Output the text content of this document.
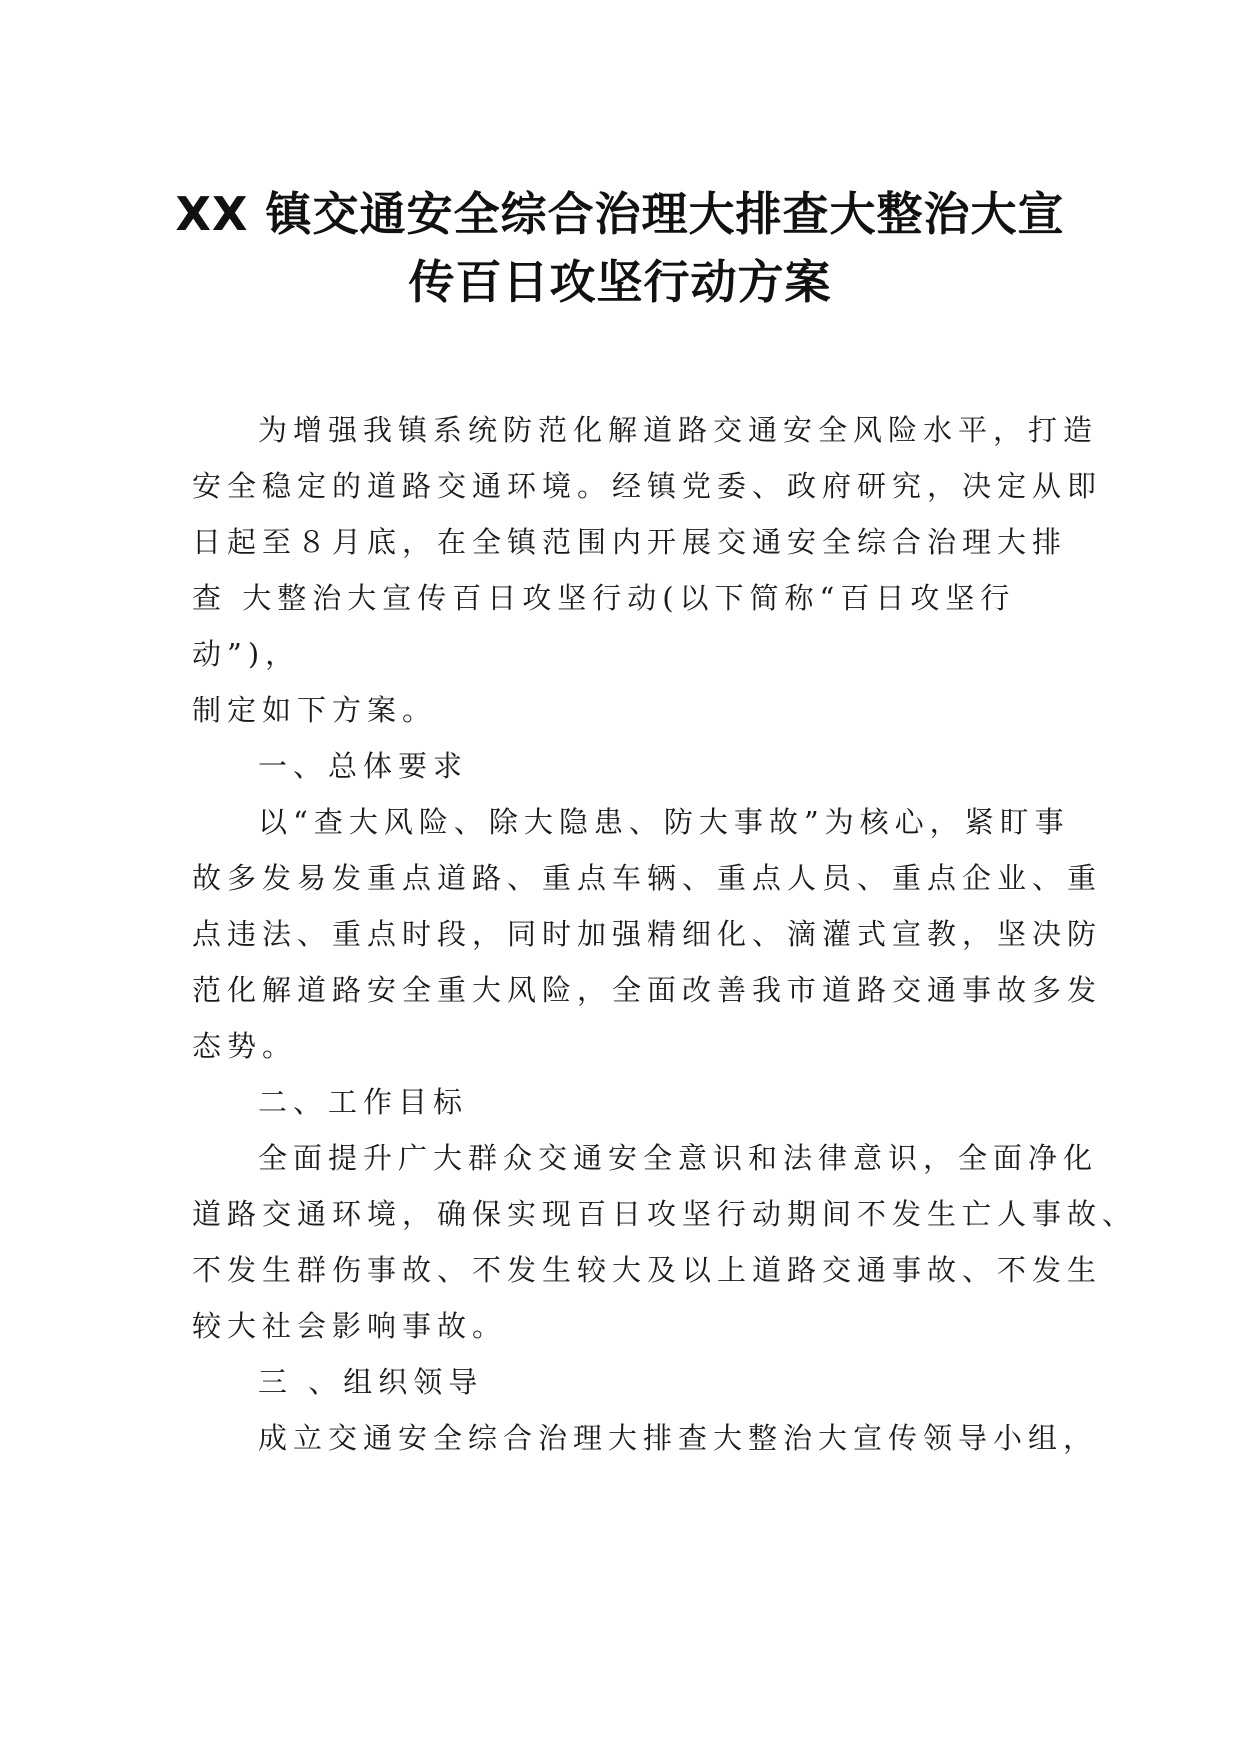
XX 镇交通安全综合治理大排查大整治大宣
传百日攻坚行动方案
为增强我镇系统防范化解道路交通安全风险水平，打造
安全稳定的道路交通环境。经镇党委、政府研究，决定从即
日起至８月底，在全镇范围内开展交通安全综合治理大排
查 大整治大宣传百日攻坚行动(以下简称“百日攻坚行
动”)，
制定如下方案。
一、总体要求
以“查大风险、除大隐患、防大事故”为核心，紧盯事
故多发易发重点道路、重点车辆、重点人员、重点企业、重
点违法、重点时段，同时加强精细化、滴灌式宣教，坚决防
范化解道路安全重大风险，全面改善我市道路交通事故多发
态势。
二、工作目标
全面提升广大群众交通安全意识和法律意识，全面净化
道路交通环境，确保实现百日攻坚行动期间不发生亡人事故、
不发生群伤事故、不发生较大及以上道路交通事故、不发生
较大社会影响事故。
三 、组织领导
成立交通安全综合治理大排查大整治大宣传领导小组，
